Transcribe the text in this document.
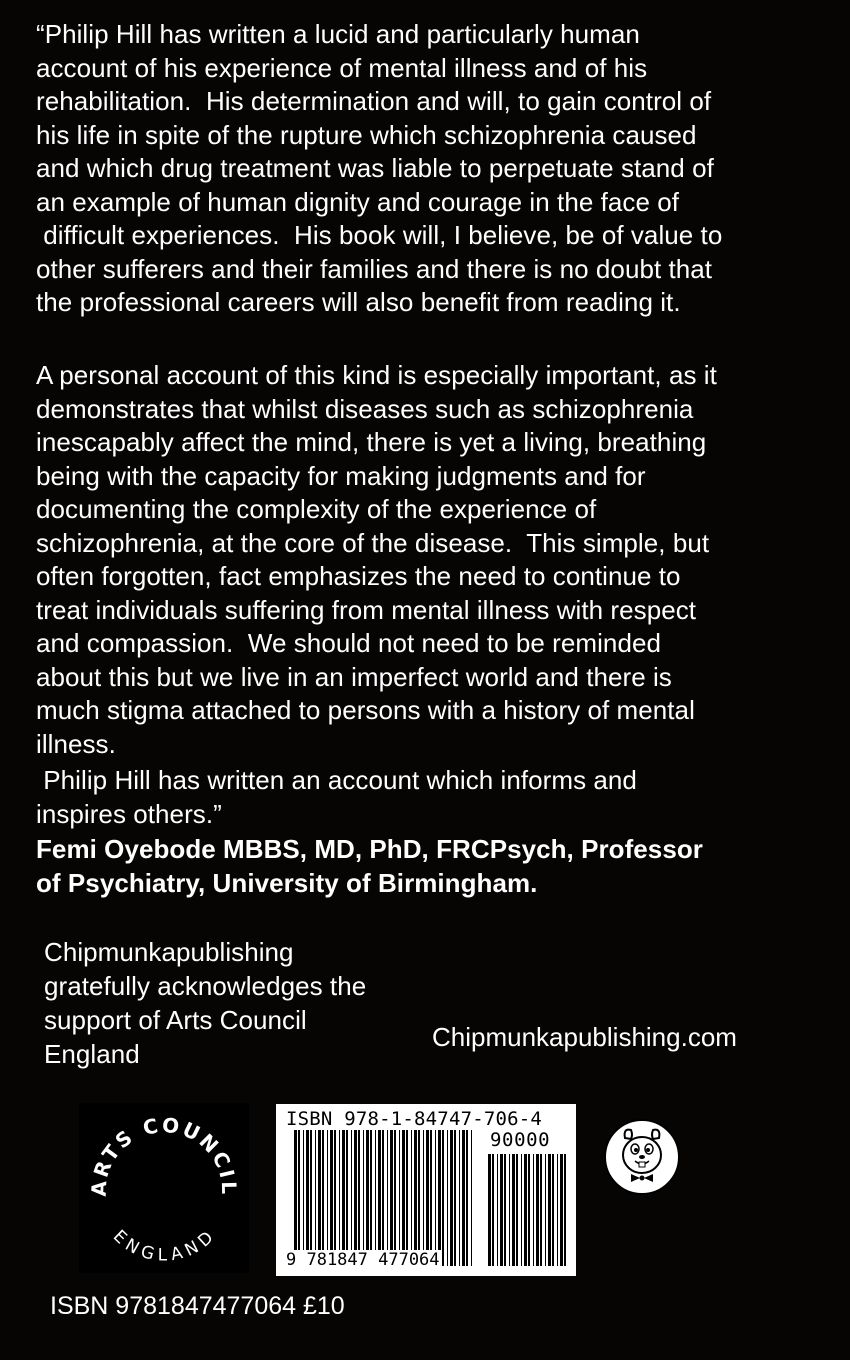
“Philip Hill has written a lucid and particularly human
account of his experience of mental illness and of his
rehabilitation.  His determination and will, to gain control of
his life in spite of the rupture which schizophrenia caused
and which drug treatment was liable to perpetuate stand of
an example of human dignity and courage in the face of
difficult experiences.  His book will, I believe, be of value to
other sufferers and their families and there is no doubt that
the professional careers will also benefit from reading it.
A personal account of this kind is especially important, as it
demonstrates that whilst diseases such as schizophrenia
inescapably affect the mind, there is yet a living, breathing
being with the capacity for making judgments and for
documenting the complexity of the experience of
schizophrenia, at the core of the disease.  This simple, but
often forgotten, fact emphasizes the need to continue to
treat individuals suffering from mental illness with respect
and compassion.  We should not need to be reminded
about this but we live in an imperfect world and there is
much stigma attached to persons with a history of mental
illness.
Philip Hill has written an account which informs and
inspires others.”
Femi Oyebode MBBS, MD, PhD, FRCPsych, Professor
of Psychiatry, University of Birmingham.
Chipmunkapublishing
gratefully acknowledges the
support of Arts Council
England
Chipmunkapublishing.com
ARTS COUNCIL
ENGLAND
ISBN 978-1-84747-706-4
90000
9 781847 477064
ISBN 9781847477064 £10
